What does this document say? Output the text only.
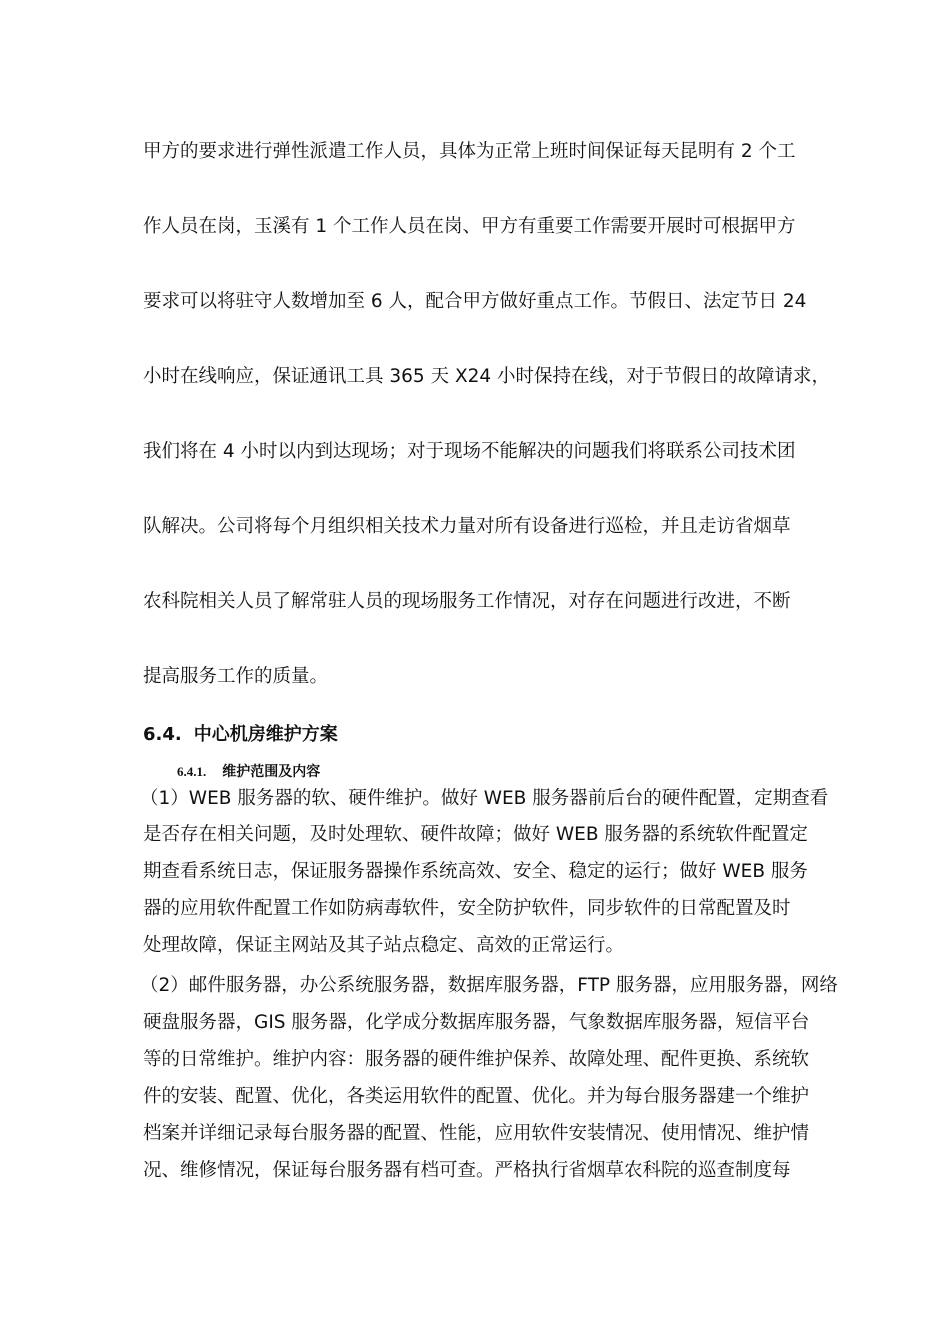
甲方的要求进行弹性派遣工作人员，具体为正常上班时间保证每天昆明有 2 个工
作人员在岗，玉溪有 1 个工作人员在岗、甲方有重要工作需要开展时可根据甲方
要求可以将驻守人数增加至 6 人，配合甲方做好重点工作。节假日、法定节日 24
小时在线响应，保证通讯工具 365 天 X24 小时保持在线，对于节假日的故障请求，
我们将在 4 小时以内到达现场；对于现场不能解决的问题我们将联系公司技术团
队解决。公司将每个月组织相关技术力量对所有设备进行巡检，并且走访省烟草
农科院相关人员了解常驻人员的现场服务工作情况，对存在问题进行改进，不断
提高服务工作的质量。
6.4. 中心机房维护方案
6.4.1. 维护范围及内容
（1）WEB 服务器的软、硬件维护。做好 WEB 服务器前后台的硬件配置，定期查看
是否存在相关问题，及时处理软、硬件故障；做好 WEB 服务器的系统软件配置定
期查看系统日志，保证服务器操作系统高效、安全、稳定的运行；做好 WEB 服务
器的应用软件配置工作如防病毒软件，安全防护软件，同步软件的日常配置及时
处理故障，保证主网站及其子站点稳定、高效的正常运行。
（2）邮件服务器，办公系统服务器，数据库服务器，FTP 服务器，应用服务器，网络
硬盘服务器，GIS 服务器，化学成分数据库服务器，气象数据库服务器，短信平台
等的日常维护。维护内容：服务器的硬件维护保养、故障处理、配件更换、系统软
件的安装、配置、优化，各类运用软件的配置、优化。并为每台服务器建一个维护
档案并详细记录每台服务器的配置、性能，应用软件安装情况、使用情况、维护情
况、维修情况，保证每台服务器有档可查。严格执行省烟草农科院的巡查制度每
